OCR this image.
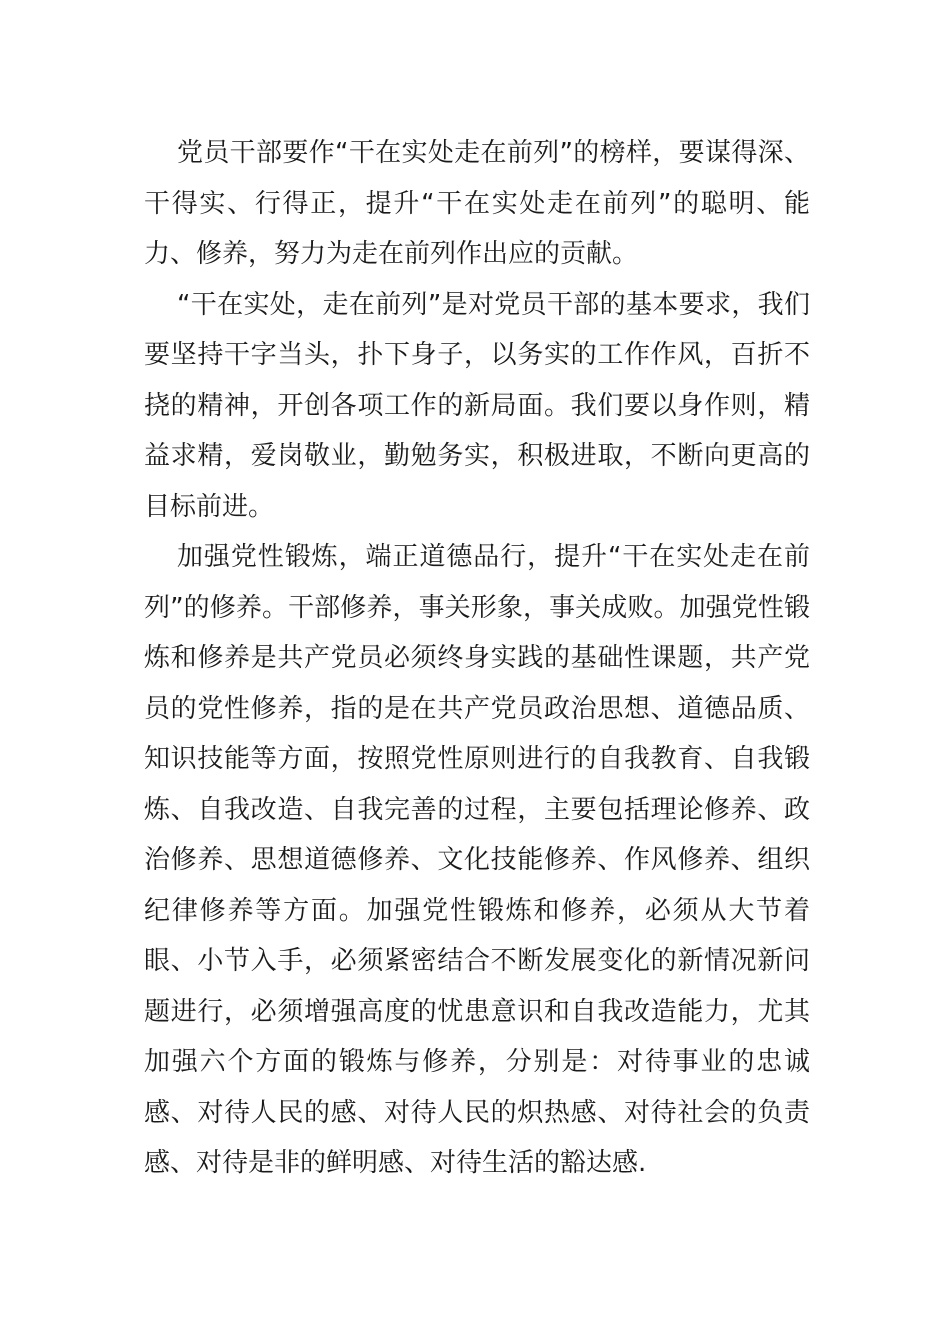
党员干部要作“干在实处走在前列”的榜样，要谋得深、干得实、行得正，提升“干在实处走在前列”的聪明、能力、修养，努力为走在前列作出应的贡献。

“干在实处，走在前列”是对党员干部的基本要求，我们要坚持干字当头，扑下身子，以务实的工作作风，百折不挠的精神，开创各项工作的新局面。我们要以身作则，精益求精，爱岗敬业，勤勉务实，积极进取，不断向更高的目标前进。

加强党性锻炼，端正道德品行，提升“干在实处走在前列”的修养。干部修养，事关形象，事关成败。加强党性锻炼和修养是共产党员必须终身实践的基础性课题，共产党员的党性修养，指的是在共产党员政治思想、道德品质、知识技能等方面，按照党性原则进行的自我教育、自我锻炼、自我改造、自我完善的过程，主要包括理论修养、政治修养、思想道德修养、文化技能修养、作风修养、组织纪律修养等方面。加强党性锻炼和修养，必须从大节着眼、小节入手，必须紧密结合不断发展变化的新情况新问题进行，必须增强高度的忧患意识和自我改造能力，尤其加强六个方面的锻炼与修养，分别是：对待事业的忠诚感、对待人民的感、对待人民的炽热感、对待社会的负责感、对待是非的鲜明感、对待生活的豁达感.
